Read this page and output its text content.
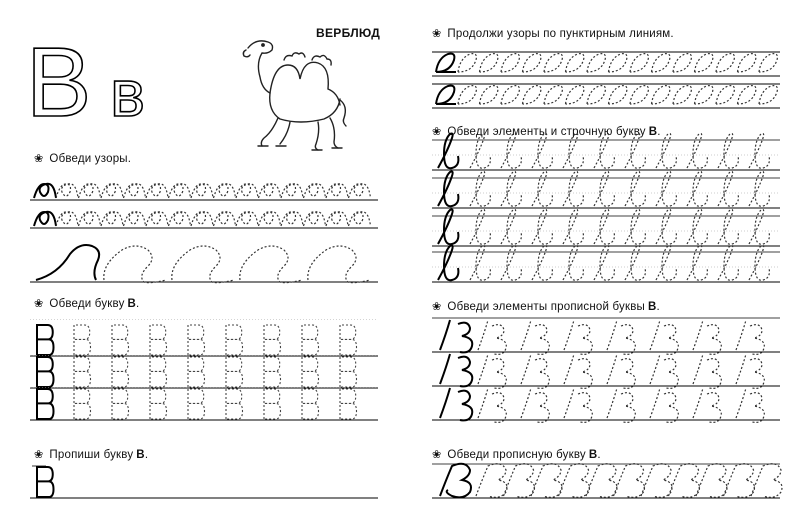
В в
ВЕРБЛЮД
❀ Обведи узоры.
❀ Обведи букву В .
❀ Пропиши букву В .
❀ Продолжи узоры по пунктирным линиям.
❀ Обведи элементы и строчную букву В .
❀ Обведи элементы прописной буквы В .
❀ Обведи прописную букву В .
